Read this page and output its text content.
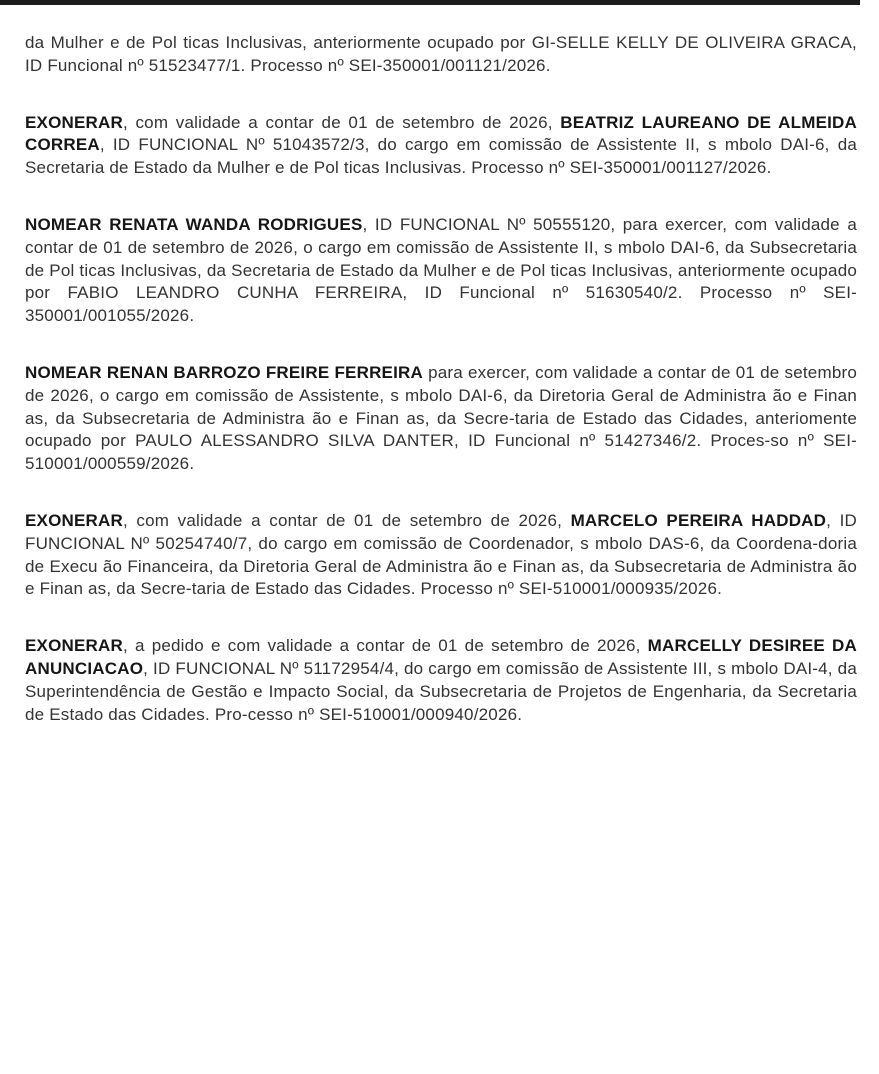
da Mulher e de Pol ticas Inclusivas, anteriormente ocupado por GI-SELLE KELLY DE OLIVEIRA GRACA, ID Funcional nº 51523477/1. Processo nº SEI-350001/001121/2026.

EXONERAR, com validade a contar de 01 de setembro de 2026, BEATRIZ LAUREANO DE ALMEIDA CORREA, ID FUNCIONAL Nº 51043572/3, do cargo em comissão de Assistente II, s mbolo DAI-6, da Secretaria de Estado da Mulher e de Pol ticas Inclusivas. Processo nº SEI-350001/001127/2026.

NOMEAR RENATA WANDA RODRIGUES, ID FUNCIONAL Nº 50555120, para exercer, com validade a contar de 01 de setembro de 2026, o cargo em comissão de Assistente II, s mbolo DAI-6, da Subsecretaria de Pol ticas Inclusivas, da Secretaria de Estado da Mulher e de Pol ticas Inclusivas, anteriormente ocupado por FABIO LEANDRO CUNHA FERREIRA, ID Funcional nº 51630540/2. Processo nº SEI-350001/001055/2026.

NOMEAR RENAN BARROZO FREIRE FERREIRA para exercer, com validade a contar de 01 de setembro de 2026, o cargo em comissão de Assistente, s mbolo DAI-6, da Diretoria Geral de Administra ão e Finan as, da Subsecretaria de Administra ão e Finan as, da Secre-taria de Estado das Cidades, anteriomente ocupado por PAULO ALESSANDRO SILVA DANTER, ID Funcional nº 51427346/2. Proces-so nº SEI-510001/000559/2026.

EXONERAR, com validade a contar de 01 de setembro de 2026, MARCELO PEREIRA HADDAD, ID FUNCIONAL Nº 50254740/7, do cargo em comissão de Coordenador, s mbolo DAS-6, da Coordena-doria de Execu ão Financeira, da Diretoria Geral de Administra ão e Finan as, da Subsecretaria de Administra ão e Finan as, da Secre-taria de Estado das Cidades. Processo nº SEI-510001/000935/2026.

EXONERAR, a pedido e com validade a contar de 01 de setembro de 2026, MARCELLY DESIREE DA ANUNCIACAO, ID FUNCIONAL Nº 51172954/4, do cargo em comissão de Assistente III, s mbolo DAI-4, da Superintendência de Gestão e Impacto Social, da Subsecretaria de Projetos de Engenharia, da Secretaria de Estado das Cidades. Pro-cesso nº SEI-510001/000940/2026.
